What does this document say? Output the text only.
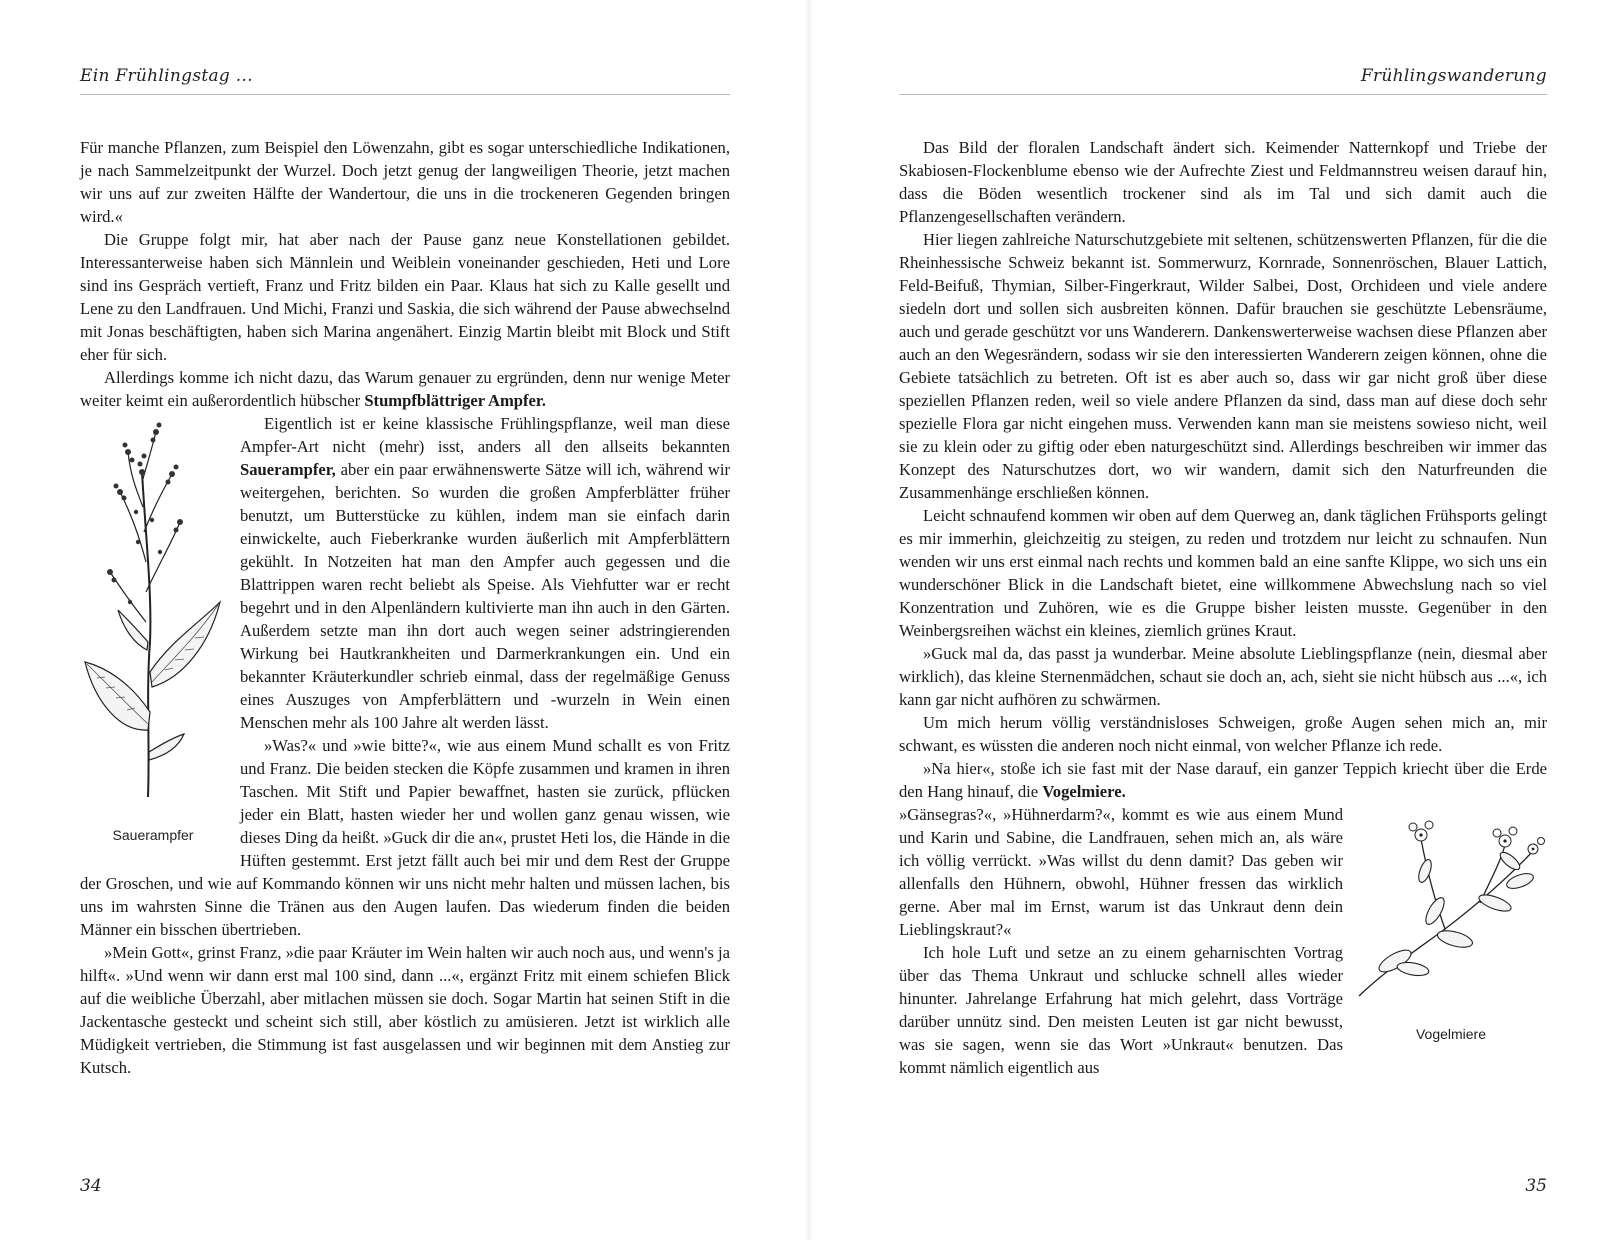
Ein Frühlingstag ...

Für manche Pflanzen, zum Beispiel den Löwenzahn, gibt es sogar unterschiedliche Indikationen, je nach Sammelzeitpunkt der Wurzel. Doch jetzt genug der langweiligen Theorie, jetzt machen wir uns auf zur zweiten Hälfte der Wandertour, die uns in die trockeneren Gegenden bringen wird.«

Die Gruppe folgt mir, hat aber nach der Pause ganz neue Konstellationen gebildet. Interessanterweise haben sich Männlein und Weiblein voneinander geschieden, Heti und Lore sind ins Gespräch vertieft, Franz und Fritz bilden ein Paar. Klaus hat sich zu Kalle gesellt und Lene zu den Landfrauen. Und Michi, Franzi und Saskia, die sich während der Pause abwechselnd mit Jonas beschäftigten, haben sich Marina angenähert. Einzig Martin bleibt mit Block und Stift eher für sich.

Allerdings komme ich nicht dazu, das Warum genauer zu ergründen, denn nur wenige Meter weiter keimt ein außerordentlich hübscher Stumpfblättriger Ampfer.

Sauerampfer

Eigentlich ist er keine klassische Frühlingspflanze, weil man diese Ampfer-Art nicht (mehr) isst, anders all den allseits bekannten Sauerampfer, aber ein paar erwähnenswerte Sätze will ich, während wir weitergehen, berichten. So wurden die großen Ampferblätter früher benutzt, um Butterstücke zu kühlen, indem man sie einfach darin einwickelte, auch Fieberkranke wurden äußerlich mit Ampferblättern gekühlt. In Notzeiten hat man den Ampfer auch gegessen und die Blattrippen waren recht beliebt als Speise. Als Viehfutter war er recht begehrt und in den Alpenländern kultivierte man ihn auch in den Gärten. Außerdem setzte man ihn dort auch wegen seiner adstringierenden Wirkung bei Hautkrankheiten und Darmerkrankungen ein. Und ein bekannter Kräuterkundler schrieb einmal, dass der regelmäßige Genuss eines Auszuges von Ampferblättern und -wurzeln in Wein einen Menschen mehr als 100 Jahre alt werden lässt.

»Was?« und »wie bitte?«, wie aus einem Mund schallt es von Fritz und Franz. Die beiden stecken die Köpfe zusammen und kramen in ihren Taschen. Mit Stift und Papier bewaffnet, hasten sie zurück, pflücken jeder ein Blatt, hasten wieder her und wollen ganz genau wissen, wie dieses Ding da heißt. »Guck dir die an«, prustet Heti los, die Hände in die Hüften gestemmt. Erst jetzt fällt auch bei mir und dem Rest der Gruppe der Groschen, und wie auf Kommando können wir uns nicht mehr halten und müssen lachen, bis uns im wahrsten Sinne die Tränen aus den Augen laufen. Das wiederum finden die beiden Männer ein bisschen übertrieben.

»Mein Gott«, grinst Franz, »die paar Kräuter im Wein halten wir auch noch aus, und wenn's ja hilft«. »Und wenn wir dann erst mal 100 sind, dann ...«, ergänzt Fritz mit einem schiefen Blick auf die weibliche Überzahl, aber mitlachen müssen sie doch. Sogar Martin hat seinen Stift in die Jackentasche gesteckt und scheint sich still, aber köstlich zu amüsieren. Jetzt ist wirklich alle Müdigkeit vertrieben, die Stimmung ist fast ausgelassen und wir beginnen mit dem Anstieg zur Kutsch.

34
Frühlingswanderung

Das Bild der floralen Landschaft ändert sich. Keimender Natternkopf und Triebe der Skabiosen-Flockenblume ebenso wie der Aufrechte Ziest und Feldmannstreu weisen darauf hin, dass die Böden wesentlich trockener sind als im Tal und sich damit auch die Pflanzengesellschaften verändern.

Hier liegen zahlreiche Naturschutzgebiete mit seltenen, schützenswerten Pflanzen, für die die Rheinhessische Schweiz bekannt ist. Sommerwurz, Kornrade, Sonnenröschen, Blauer Lattich, Feld-Beifuß, Thymian, Silber-Fingerkraut, Wilder Salbei, Dost, Orchideen und viele andere siedeln dort und sollen sich ausbreiten können. Dafür brauchen sie geschützte Lebensräume, auch und gerade geschützt vor uns Wanderern. Dankenswerterweise wachsen diese Pflanzen aber auch an den Wegesrändern, sodass wir sie den interessierten Wanderern zeigen können, ohne die Gebiete tatsächlich zu betreten. Oft ist es aber auch so, dass wir gar nicht groß über diese speziellen Pflanzen reden, weil so viele andere Pflanzen da sind, dass man auf diese doch sehr spezielle Flora gar nicht eingehen muss. Verwenden kann man sie meistens sowieso nicht, weil sie zu klein oder zu giftig oder eben naturgeschützt sind. Allerdings beschreiben wir immer das Konzept des Naturschutzes dort, wo wir wandern, damit sich den Naturfreunden die Zusammenhänge erschließen können.

Leicht schnaufend kommen wir oben auf dem Querweg an, dank täglichen Frühsports gelingt es mir immerhin, gleichzeitig zu steigen, zu reden und trotzdem nur leicht zu schnaufen. Nun wenden wir uns erst einmal nach rechts und kommen bald an eine sanfte Klippe, wo sich uns ein wunderschöner Blick in die Landschaft bietet, eine willkommene Abwechslung nach so viel Konzentration und Zuhören, wie es die Gruppe bisher leisten musste. Gegenüber in den Weinbergsreihen wächst ein kleines, ziemlich grünes Kraut.

»Guck mal da, das passt ja wunderbar. Meine absolute Lieblingspflanze (nein, diesmal aber wirklich), das kleine Sternenmädchen, schaut sie doch an, ach, sieht sie nicht hübsch aus ...«, ich kann gar nicht aufhören zu schwärmen.

Um mich herum völlig verständnisloses Schweigen, große Augen sehen mich an, mir schwant, es wüssten die anderen noch nicht einmal, von welcher Pflanze ich rede.

»Na hier«, stoße ich sie fast mit der Nase darauf, ein ganzer Teppich kriecht über die Erde den Hang hinauf, die Vogelmiere.

Vogelmiere

»Gänsegras?«, »Hühnerdarm?«, kommt es wie aus einem Mund und Karin und Sabine, die Landfrauen, sehen mich an, als wäre ich völlig verrückt. »Was willst du denn damit? Das geben wir allenfalls den Hühnern, obwohl, Hühner fressen das wirklich gerne. Aber mal im Ernst, warum ist das Unkraut denn dein Lieblingskraut?«

Ich hole Luft und setze an zu einem geharnischten Vortrag über das Thema Unkraut und schlucke schnell alles wieder hinunter. Jahrelange Erfahrung hat mich gelehrt, dass Vorträge darüber unnütz sind. Den meisten Leuten ist gar nicht bewusst, was sie sagen, wenn sie das Wort »Unkraut« benutzen. Das kommt nämlich eigentlich aus

35
